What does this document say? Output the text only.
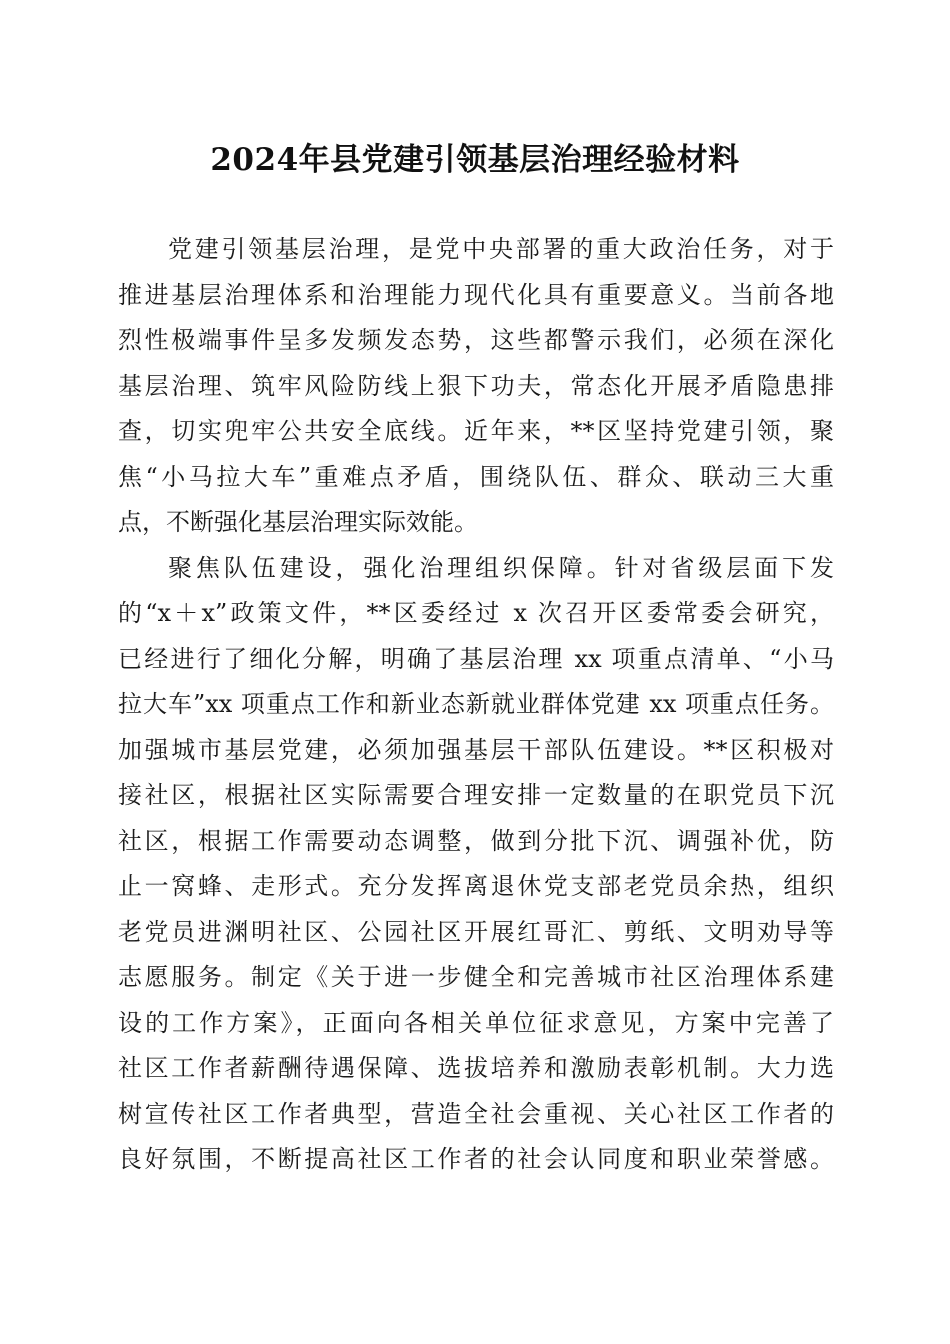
2024年县党建引领基层治理经验材料
党建引领基层治理，是党中央部署的重大政治任务，对于
推进基层治理体系和治理能力现代化具有重要意义。当前各地
烈性极端事件呈多发频发态势，这些都警示我们，必须在深化
基层治理、筑牢风险防线上狠下功夫，常态化开展矛盾隐患排
查，切实兜牢公共安全底线。近年来，**区坚持党建引领，聚
焦“小马拉大车”重难点矛盾，围绕队伍、群众、联动三大重
点，不断强化基层治理实际效能。
聚焦队伍建设，强化治理组织保障。针对省级层面下发
的“x＋x”政策文件，**区委经过 x 次召开区委常委会研究，
已经进行了细化分解，明确了基层治理 xx 项重点清单、“小马
拉大车”xx 项重点工作和新业态新就业群体党建 xx 项重点任务。
加强城市基层党建，必须加强基层干部队伍建设。**区积极对
接社区，根据社区实际需要合理安排一定数量的在职党员下沉
社区，根据工作需要动态调整，做到分批下沉、调强补优，防
止一窝蜂、走形式。充分发挥离退休党支部老党员余热，组织
老党员进渊明社区、公园社区开展红哥汇、剪纸、文明劝导等
志愿服务。制定《关于进一步健全和完善城市社区治理体系建
设的工作方案》，正面向各相关单位征求意见，方案中完善了
社区工作者薪酬待遇保障、选拔培养和激励表彰机制。大力选
树宣传社区工作者典型，营造全社会重视、关心社区工作者的
良好氛围，不断提高社区工作者的社会认同度和职业荣誉感。
